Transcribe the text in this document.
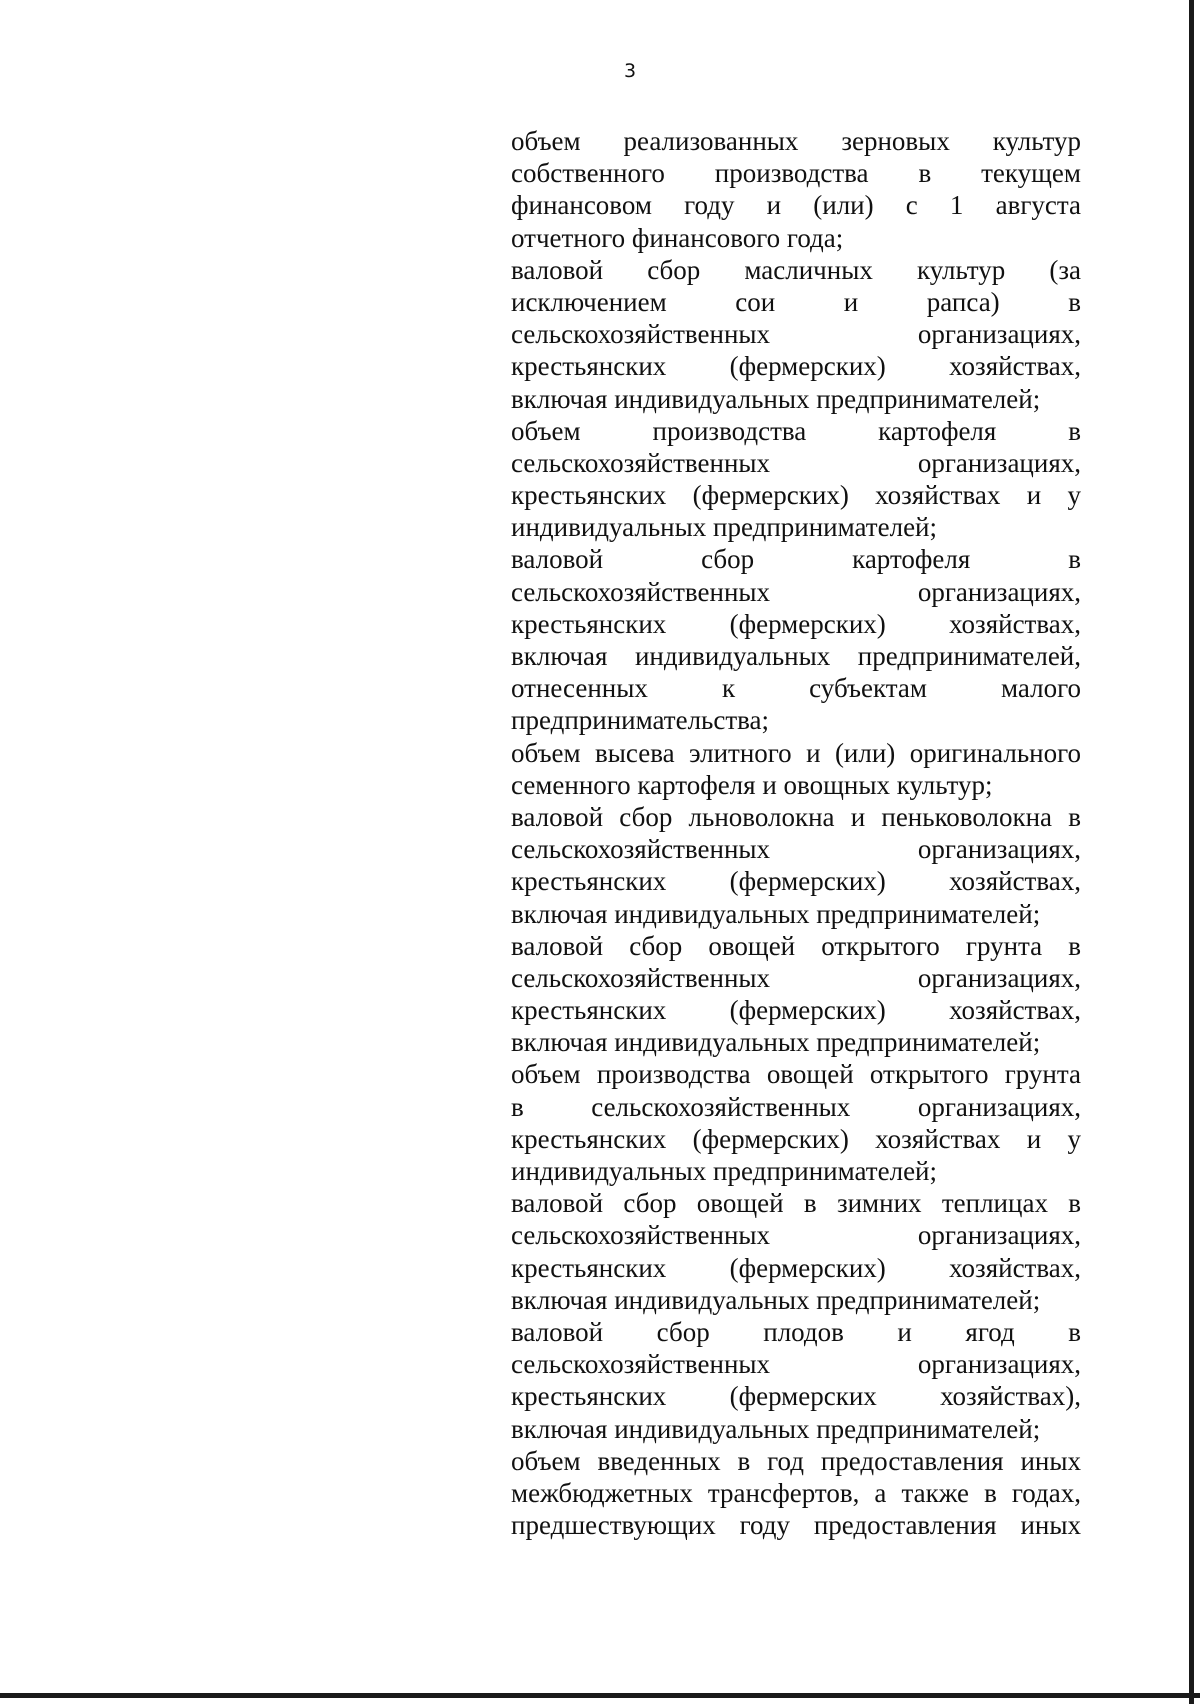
3
объем реализованных зерновых культур
собственного производства в текущем
финансовом году и (или) с 1 августа
отчетного финансового года;
валовой сбор масличных культур (за
исключением сои и рапса) в
сельскохозяйственных организациях,
крестьянских (фермерских) хозяйствах,
включая индивидуальных предпринимателей;
объем производства картофеля в
сельскохозяйственных организациях,
крестьянских (фермерских) хозяйствах и у
индивидуальных предпринимателей;
валовой сбор картофеля в
сельскохозяйственных организациях,
крестьянских (фермерских) хозяйствах,
включая индивидуальных предпринимателей,
отнесенных к субъектам малого
предпринимательства;
объем высева элитного и (или) оригинального
семенного картофеля и овощных культур;
валовой сбор льноволокна и пеньковолокна в
сельскохозяйственных организациях,
крестьянских (фермерских) хозяйствах,
включая индивидуальных предпринимателей;
валовой сбор овощей открытого грунта в
сельскохозяйственных организациях,
крестьянских (фермерских) хозяйствах,
включая индивидуальных предпринимателей;
объем производства овощей открытого грунта
в сельскохозяйственных организациях,
крестьянских (фермерских) хозяйствах и у
индивидуальных предпринимателей;
валовой сбор овощей в зимних теплицах в
сельскохозяйственных организациях,
крестьянских (фермерских) хозяйствах,
включая индивидуальных предпринимателей;
валовой сбор плодов и ягод в
сельскохозяйственных организациях,
крестьянских (фермерских хозяйствах),
включая индивидуальных предпринимателей;
объем введенных в год предоставления иных
межбюджетных трансфертов, а также в годах,
предшествующих году предоставления иных
